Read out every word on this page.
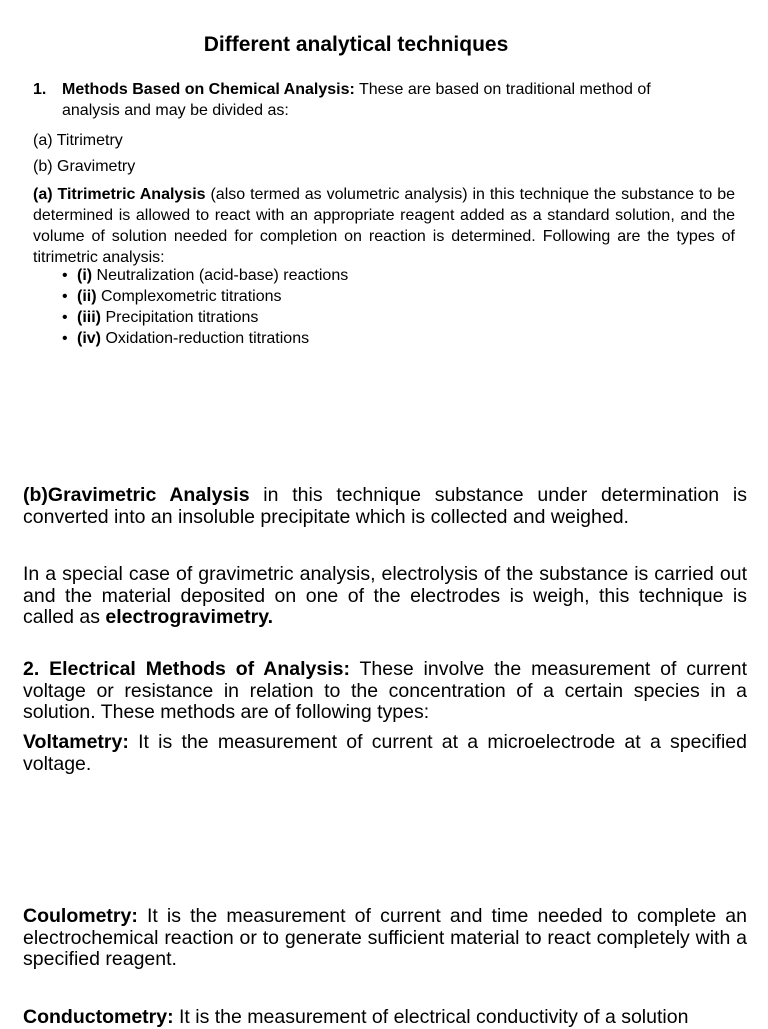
Different analytical techniques
1. Methods Based on Chemical Analysis: These are based on traditional method of analysis and may be divided as:
(a) Titrimetry
(b) Gravimetry
(a) Titrimetric Analysis (also termed as volumetric analysis) in this technique the substance to be determined is allowed to react with an appropriate reagent added as a standard solution, and the volume of solution needed for completion on reaction is determined. Following are the types of titrimetric analysis:
• (i) Neutralization (acid-base) reactions
• (ii) Complexometric titrations
• (iii) Precipitation titrations
• (iv) Oxidation-reduction titrations
(b)Gravimetric Analysis in this technique substance under determination is converted into an insoluble precipitate which is collected and weighed.
In a special case of gravimetric analysis, electrolysis of the substance is carried out and the material deposited on one of the electrodes is weigh, this technique is called as electrogravimetry.
2. Electrical Methods of Analysis: These involve the measurement of current voltage or resistance in relation to the concentration of a certain species in a solution. These methods are of following types:
Voltametry: It is the measurement of current at a microelectrode at a specified voltage.
Coulometry: It is the measurement of current and time needed to complete an electrochemical reaction or to generate sufficient material to react completely with a specified reagent.
Conductometry: It is the measurement of electrical conductivity of a solution
